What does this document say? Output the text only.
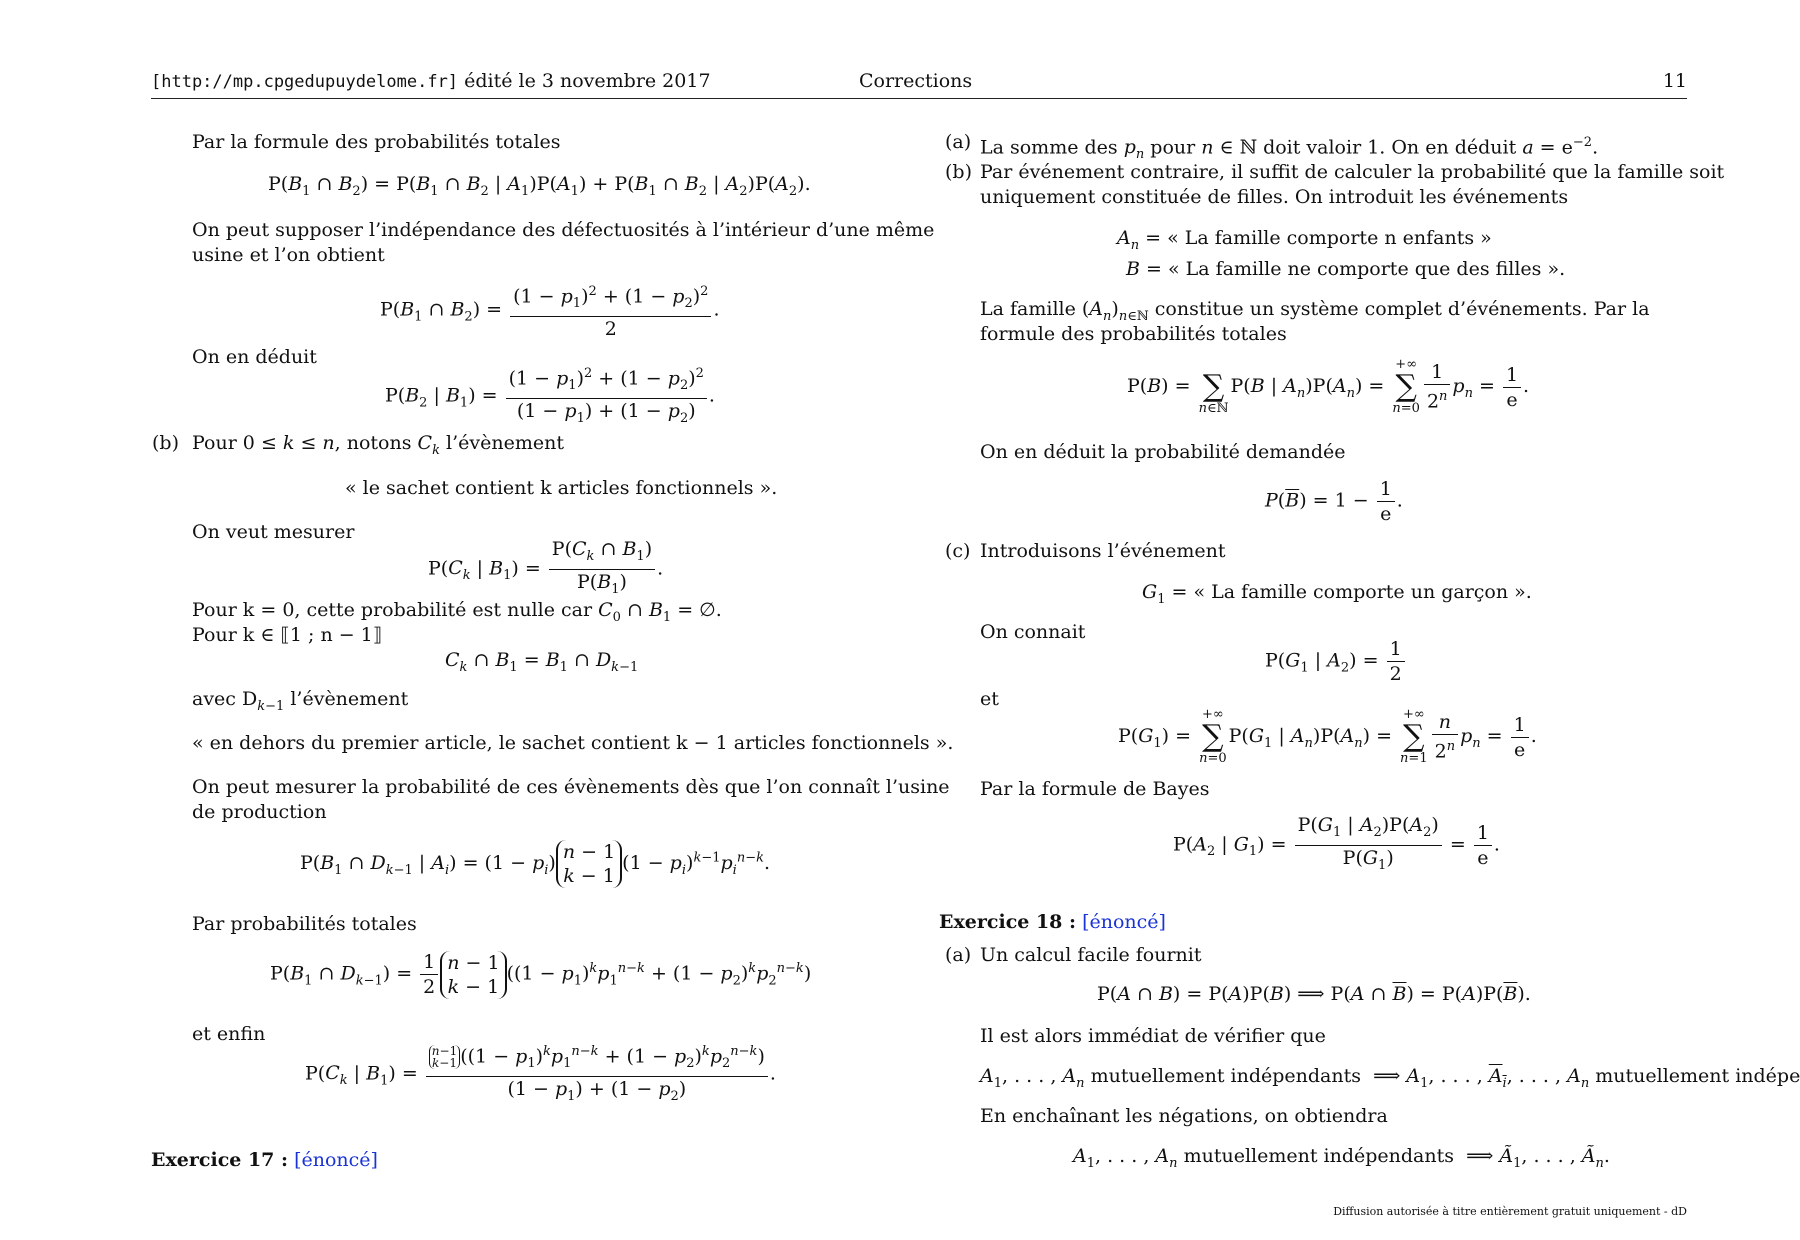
[http://mp.cpgedupuydelome.fr] édité le 3 novembre 2017	Corrections	11
Par la formule des probabilités totales
$P(B_1$ ∩ $B_2) = P(B_1$ ∩ $B_2$ | $A_1)P(A_1) + P(B_1$ ∩ $B_2$ | $A_2)P(A_2)$.
On peut supposer l’indépendance des défectuosités à l’intérieur d’une même
usine et l’on obtient
$P(B_1$ ∩ $B_2) = \frac{(1 - p_1)^2 + (1 - p_2)^2}{2}$ .
On en déduit
$P(B_2$ | $B_1) = \frac{(1 - p_1)^2 + (1 - p_2)^2}{(1 - p_1) + (1 - p_2)}$ .
(b) Pour 0 ≤ k ≤ n, notons $C_k$ l’évènement
« le sachet contient k articles fonctionnels ».
On veut mesurer
$P(C_k$ | $B_1) = \frac{P(C_k \cap B_1)}{P(B_1)}$ .
Pour k = 0, cette probabilité est nulle car $C_0$ ∩ $B_1$ = ∅.
Pour k ∈ ⟦1 ; n − 1⟧
$C_k$ ∩ $B_1 = B_1$ ∩ $D_{k-1}$
avec $D_{k-1}$ l’évènement
« en dehors du premier article, le sachet contient k − 1 articles fonctionnels ».
On peut mesurer la probabilité de ces évènements dès que l’on connaît l’usine
de production
$P(B_1$ ∩ $D_{k-1}$ | $A_i) = (1 - p_i)$ n − 1
k − 1
$(1 - p_i)^{k-1}p_i^{n-k}$.
Par probabilités totales
$P(B_1$ ∩ $D_{k-1}) = \frac{1}{2}$ n − 1
k − 1
$((1 - p_1)^kp_1^{n-k} + (1 - p_2)^kp_2^{n-k})$
et enfin
$P(C_k$ | $B_1) = n-1$
k−1 $((1 - p_1)^kp_1^{n-k} + (1 - p_2)^kp_2^{n-k})$
$(1 - p_1) + (1 - p_2)$ .
Exercice 17 : [énoncé]
(a) La somme des $p_n$ pour n ∈ ℕ doit valoir 1. On en déduit $a = e^{-2}$.
(b) Par événement contraire, il suffit de calculer la probabilité que la famille soit
uniquement constituée de filles. On introduit les événements
$A_n$ = « La famille comporte n enfants »
B = « La famille ne comporte que des filles ».
La famille $(A_n)_{n\in ℕ}$ constitue un système complet d’événements. Par la
formule des probabilités totales
P(B) = ∑
n∈ℕP(B | $A_n)P(A_n)$ = +∞
∑
$n=0 \frac{1}{2^n} p_n = \frac{1}{e}$ .
On en déduit la probabilité demandée
$P(\overline{B}) = 1 - \frac{1}{e}$ .
(c) Introduisons l’événement
$G_1$ = « La famille comporte un garçon ».
On connait
$P(G_1$ | $A_2) = \frac{1}{2}$
et
$P(G_1)$ = +∞
∑
$n=0P(G_1$ | $A_n)P(A_n)$ = +∞
∑
$n=1 \frac{n}{2^n} p_n = \frac{1}{e}$ .
Par la formule de Bayes
$P(A_2$ | $G_1) = \frac{P(G_1 | A_2)P(A_2)}{P(G_1)} = \frac{1}{e}$ .
Exercice 18 : [énoncé]
(a) Un calcul facile fournit
P(A ∩ B) = P(A)P(B) ⟹ P(A ∩ $\overline{B}) = P(A)P(\overline{B})$.
Il est alors immédiat de vérifier que
$A_1$, . . . , $A_n$ mutuellement indépendants  ⟹ $A_1$, . . . , $A_i$, . . . , $A_n$ mutuellement indépe
En enchaînant les négations, on obtiendra
$A_1$, . . . , $A_n$ mutuellement indépendants  ⟹ $Ã_1$, . . . , $Ã_n$.
Diffusion autorisée à titre entièrement gratuit uniquement - dD
